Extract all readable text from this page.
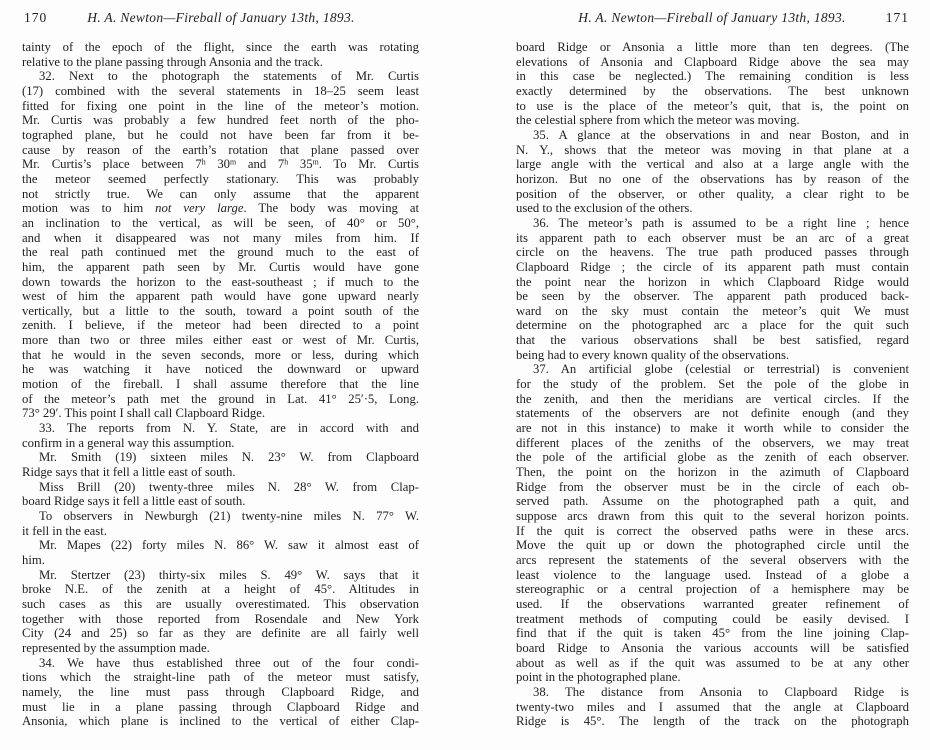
170	H. A. Newton—Fireball of January 13th, 1893.
tainty of the epoch of the flight, since the earth was rotating
relative to the plane passing through Ansonia and the track.
32. Next to the photograph the statements of Mr. Curtis
(17) combined with the several statements in 18–25 seem least
fitted for fixing one point in the line of the meteor’s motion.
Mr. Curtis was probably a few hundred feet north of the pho-
tographed plane, but he could not have been far from it be-
cause by reason of the earth’s rotation that plane passed over
Mr. Curtis’s place between 7$^h$ 30$^m$ and 7$^h$ 35$^m$. To Mr. Curtis
the meteor seemed perfectly stationary. This was probably
not strictly true. We can only assume that the apparent
motion was to him not very large. The body was moving at
an inclination to the vertical, as will be seen, of 40° or 50°,
and when it disappeared was not many miles from him. If
the real path continued met the ground much to the east of
him, the apparent path seen by Mr. Curtis would have gone
down towards the horizon to the east-southeast ; if much to the
west of him the apparent path would have gone upward nearly
vertically, but a little to the south, toward a point south of the
zenith. I believe, if the meteor had been directed to a point
more than two or three miles either east or west of Mr. Curtis,
that he would in the seven seconds, more or less, during which
he was watching it have noticed the downward or upward
motion of the fireball. I shall assume therefore that the line
of the meteor’s path met the ground in Lat. 41° 25′·5, Long.
73° 29′. This point I shall call Clapboard Ridge.
33. The reports from N. Y. State, are in accord with and
confirm in a general way this assumption.
Mr. Smith (19) sixteen miles N. 23° W. from Clapboard
Ridge says that it fell a little east of south.
Miss Brill (20) twenty-three miles N. 28° W. from Clap-
board Ridge says it fell a little east of south.
To observers in Newburgh (21) twenty-nine miles N. 77° W.
it fell in the east.
Mr. Mapes (22) forty miles N. 86° W. saw it almost east of
him.
Mr. Stertzer (23) thirty-six miles S. 49° W. says that it
broke N.E. of the zenith at a height of 45°. Altitudes in
such cases as this are usually overestimated. This observation
together with those reported from Rosendale and New York
City (24 and 25) so far as they are definite are all fairly well
represented by the assumption made.
34. We have thus established three out of the four condi-
tions which the straight-line path of the meteor must satisfy,
namely, the line must pass through Clapboard Ridge, and
must lie in a plane passing through Clapboard Ridge and
Ansonia, which plane is inclined to the vertical of either Clap-
H. A. Newton—Fireball of January 13th, 1893.	171
board Ridge or Ansonia a little more than ten degrees. (The
elevations of Ansonia and Clapboard Ridge above the sea may
in this case be neglected.) The remaining condition is less
exactly determined by the observations. The best unknown
to use is the place of the meteor’s quit, that is, the point on
the celestial sphere from which the meteor was moving.
35. A glance at the observations in and near Boston, and in
N. Y., shows that the meteor was moving in that plane at a
large angle with the vertical and also at a large angle with the
horizon. But no one of the observations has by reason of the
position of the observer, or other quality, a clear right to be
used to the exclusion of the others.
36. The meteor’s path is assumed to be a right line ; hence
its apparent path to each observer must be an arc of a great
circle on the heavens. The true path produced passes through
Clapboard Ridge ; the circle of its apparent path must contain
the point near the horizon in which Clapboard Ridge would
be seen by the observer. The apparent path produced back-
ward on the sky must contain the meteor’s quit We must
determine on the photographed arc a place for the quit such
that the various observations shall be best satisfied, regard
being had to every known quality of the observations.
37. An artificial globe (celestial or terrestrial) is convenient
for the study of the problem. Set the pole of the globe in
the zenith, and then the meridians are vertical circles. If the
statements of the observers are not definite enough (and they
are not in this instance) to make it worth while to consider the
different places of the zeniths of the observers, we may treat
the pole of the artificial globe as the zenith of each observer.
Then, the point on the horizon in the azimuth of Clapboard
Ridge from the observer must be in the circle of each ob-
served path. Assume on the photographed path a quit, and
suppose arcs drawn from this quit to the several horizon points.
If the quit is correct the observed paths were in these arcs.
Move the quit up or down the photographed circle until the
arcs represent the statements of the several observers with the
least violence to the language used. Instead of a globe a
stereographic or a central projection of a hemisphere may be
used. If the observations warranted greater refinement of
treatment methods of computing could be easily devised. I
find that if the quit is taken 45° from the line joining Clap-
board Ridge to Ansonia the various accounts will be satisfied
about as well as if the quit was assumed to be at any other
point in the photographed plane.
38. The distance from Ansonia to Clapboard Ridge is
twenty-two miles and I assumed that the angle at Clapboard
Ridge is 45°. The length of the track on the photograph
